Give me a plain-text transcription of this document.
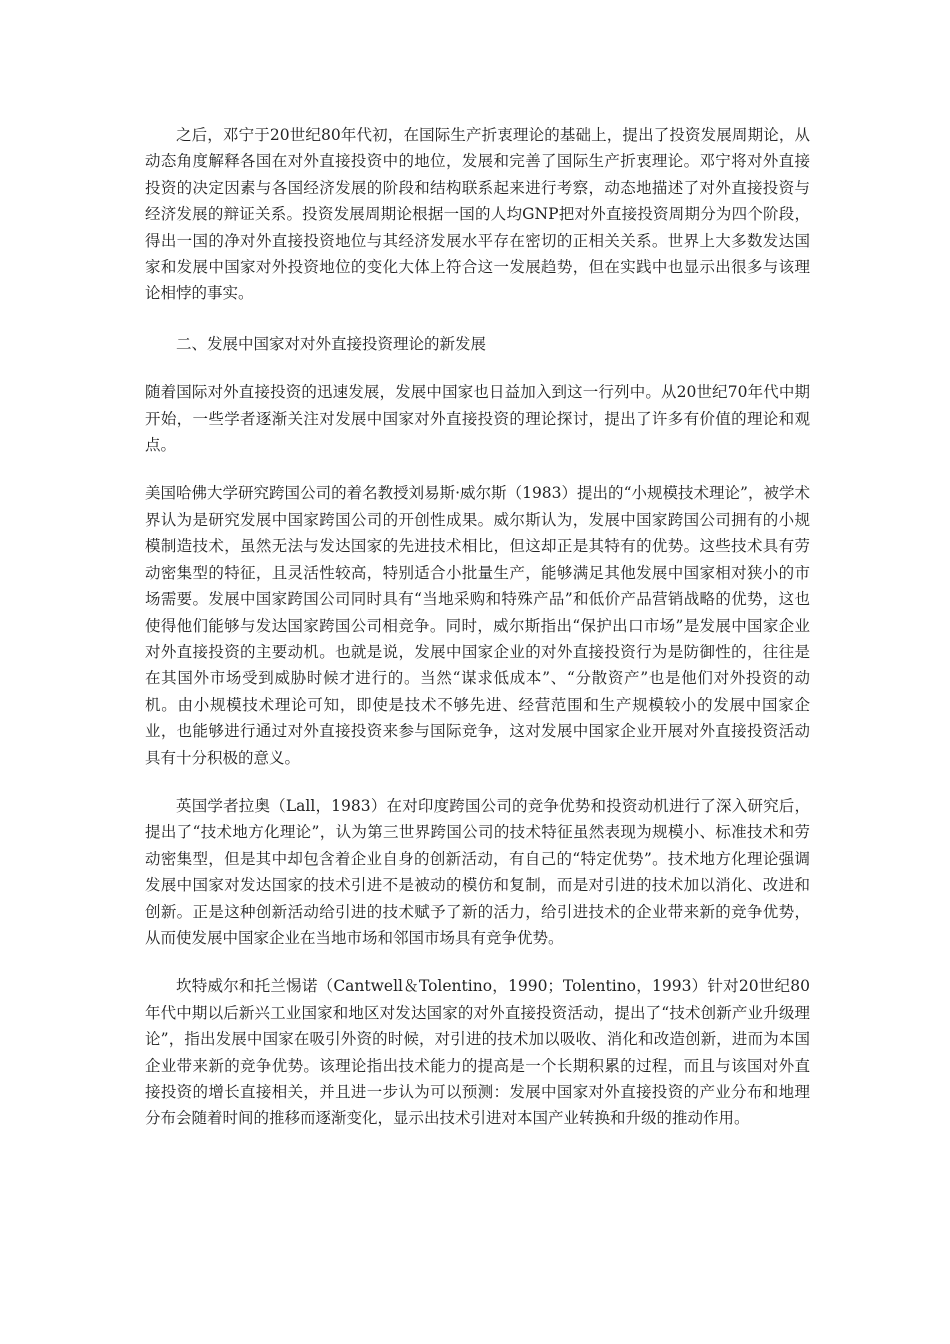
之后，邓宁于20世纪80年代初，在国际生产折衷理论的基础上，提出了投资发展周期论，从动态角度解释各国在对外直接投资中的地位，发展和完善了国际生产折衷理论。邓宁将对外直接投资的决定因素与各国经济发展的阶段和结构联系起来进行考察，动态地描述了对外直接投资与经济发展的辩证关系。投资发展周期论根据一国的人均GNP把对外直接投资周期分为四个阶段，得出一国的净对外直接投资地位与其经济发展水平存在密切的正相关关系。世界上大多数发达国家和发展中国家对外投资地位的变化大体上符合这一发展趋势，但在实践中也显示出很多与该理论相悖的事实。

二、发展中国家对对外直接投资理论的新发展

随着国际对外直接投资的迅速发展，发展中国家也日益加入到这一行列中。从20世纪70年代中期开始，一些学者逐渐关注对发展中国家对外直接投资的理论探讨，提出了许多有价值的理论和观点。

美国哈佛大学研究跨国公司的着名教授刘易斯·威尔斯（1983）提出的“小规模技术理论”，被学术界认为是研究发展中国家跨国公司的开创性成果。威尔斯认为，发展中国家跨国公司拥有的小规模制造技术，虽然无法与发达国家的先进技术相比，但这却正是其特有的优势。这些技术具有劳动密集型的特征，且灵活性较高，特别适合小批量生产，能够满足其他发展中国家相对狭小的市场需要。发展中国家跨国公司同时具有“当地采购和特殊产品”和低价产品营销战略的优势，这也使得他们能够与发达国家跨国公司相竞争。同时，威尔斯指出“保护出口市场”是发展中国家企业对外直接投资的主要动机。也就是说，发展中国家企业的对外直接投资行为是防御性的，往往是在其国外市场受到威胁时候才进行的。当然“谋求低成本”、“分散资产”也是他们对外投资的动机。由小规模技术理论可知，即使是技术不够先进、经营范围和生产规模较小的发展中国家企业，也能够进行通过对外直接投资来参与国际竞争，这对发展中国家企业开展对外直接投资活动具有十分积极的意义。

英国学者拉奥（Lall，1983）在对印度跨国公司的竞争优势和投资动机进行了深入研究后，提出了“技术地方化理论”，认为第三世界跨国公司的技术特征虽然表现为规模小、标准技术和劳动密集型，但是其中却包含着企业自身的创新活动，有自己的“特定优势”。技术地方化理论强调发展中国家对发达国家的技术引进不是被动的模仿和复制，而是对引进的技术加以消化、改进和创新。正是这种创新活动给引进的技术赋予了新的活力，给引进技术的企业带来新的竞争优势，从而使发展中国家企业在当地市场和邻国市场具有竞争优势。

坎特威尔和托兰惕诺（Cantwell＆Tolentino，1990；Tolentino，1993）针对20世纪80年代中期以后新兴工业国家和地区对发达国家的对外直接投资活动，提出了“技术创新产业升级理论”，指出发展中国家在吸引外资的时候，对引进的技术加以吸收、消化和改造创新，进而为本国企业带来新的竞争优势。该理论指出技术能力的提高是一个长期积累的过程，而且与该国对外直接投资的增长直接相关，并且进一步认为可以预测：发展中国家对外直接投资的产业分布和地理分布会随着时间的推移而逐渐变化，显示出技术引进对本国产业转换和升级的推动作用。
